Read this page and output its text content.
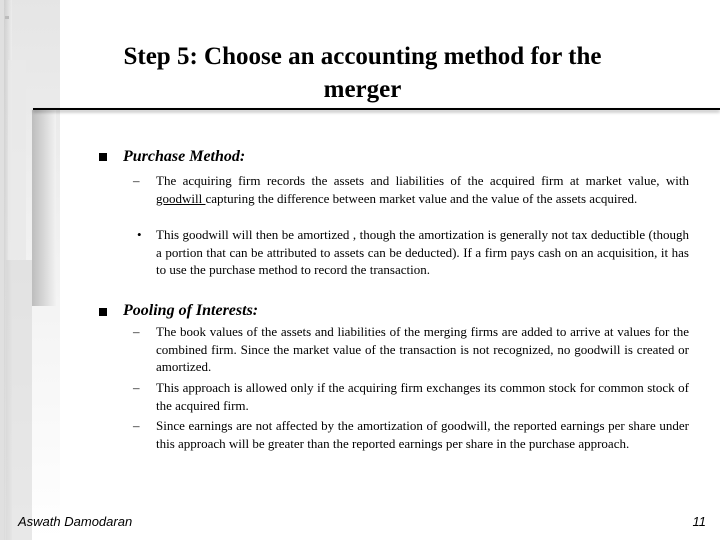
Step 5: Choose an accounting method for the
merger
Purchase Method:
– The acquiring firm records the assets and liabilities of the acquired firm at market value, with goodwill capturing the difference between market value and the value of the assets acquired.
• This goodwill will then be amortized , though the amortization is generally not tax deductible (though a portion that can be attributed to assets can be deducted). If a firm pays cash on an acquisition, it has to use the purchase method to record the transaction.
Pooling of Interests:
– The book values of the assets and liabilities of the merging firms are added to arrive at values for the combined firm. Since the market value of the transaction is not recognized, no goodwill is created or amortized.
– This approach is allowed only if the acquiring firm exchanges its common stock for common stock of the acquired firm.
– Since earnings are not affected by the amortization of goodwill, the reported earnings per share under this approach will be greater than the reported earnings per share in the purchase approach.
Aswath Damodaran	11
